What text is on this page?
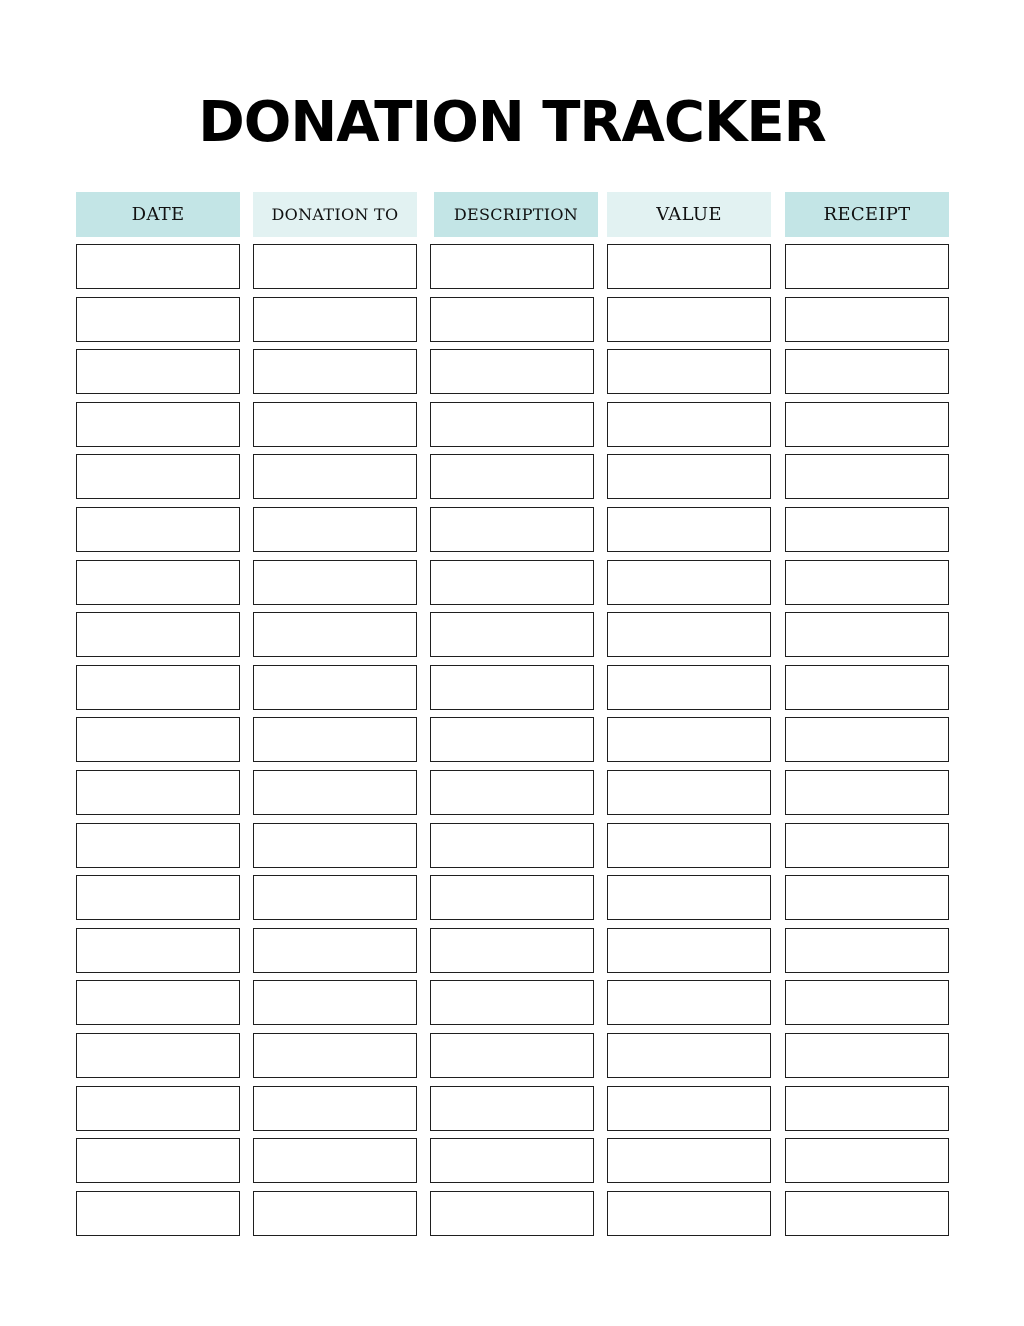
DONATION TRACKER
DATE	DONATION TO	DESCRIPTION	VALUE	RECEIPT
